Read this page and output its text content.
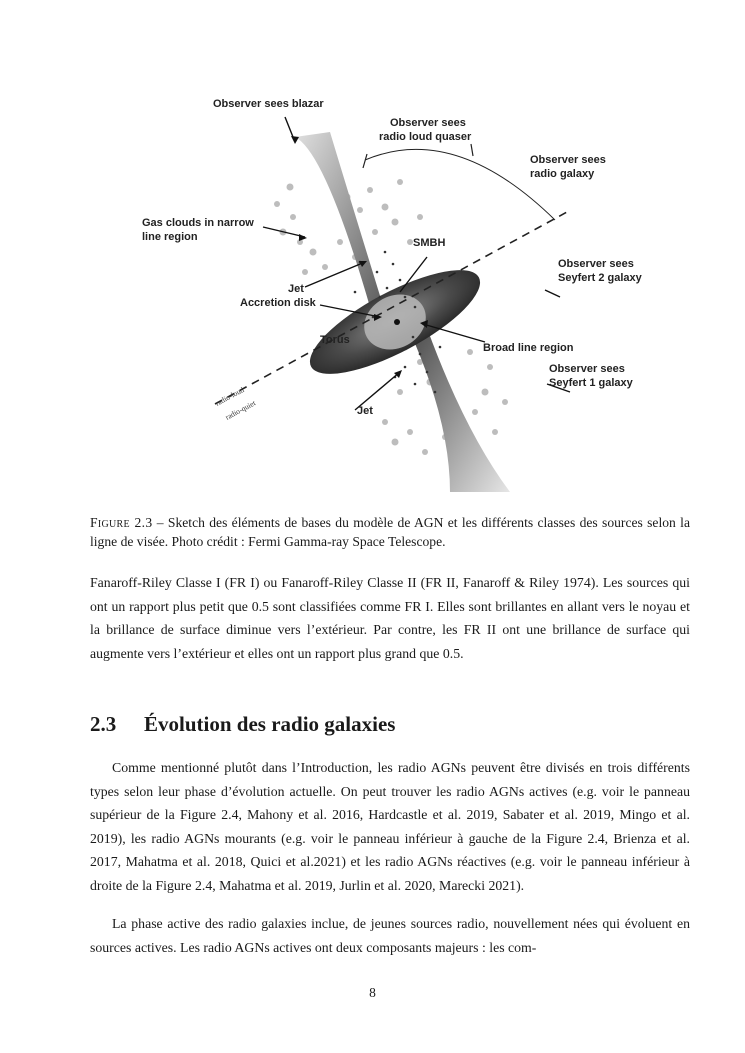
Observer sees blazar
Observer sees
radio loud quaser
Observer sees
radio galaxy
Gas clouds in narrow
line region	SMBH
Observer sees
Seyfert 2 galaxy
Jet
Accretion disk
Torus
Broad line region
Observer sees
Seyfert 1 galaxy
radio-loud
radio-quiet	Jet
Figure 2.3 – Sketch des éléments de bases du modèle de AGN et les différents classes des sources selon la ligne de visée. Photo crédit : Fermi Gamma-ray Space Telescope.
Fanaroff-Riley Classe I (FR I) ou Fanaroff-Riley Classe II (FR II, Fanaroff & Riley 1974). Les sources qui ont un rapport plus petit que 0.5 sont classifiées comme FR I. Elles sont brillantes en allant vers le noyau et la brillance de surface diminue vers l’extérieur. Par contre, les FR II ont une brillance de surface qui augmente vers l’extérieur et elles ont un rapport plus grand que 0.5.
2.3 Évolution des radio galaxies
Comme mentionné plutôt dans l’Introduction, les radio AGNs peuvent être divisés en trois différents types selon leur phase d’évolution actuelle. On peut trouver les radio AGNs actives (e.g. voir le panneau supérieur de la Figure 2.4, Mahony et al. 2016, Hardcastle et al. 2019, Sabater et al. 2019, Mingo et al. 2019), les radio AGNs mourants (e.g. voir le panneau inférieur à gauche de la Figure 2.4, Brienza et al. 2017, Mahatma et al. 2018, Quici et al.2021) et les radio AGNs réactives (e.g. voir le panneau inférieur à droite de la Figure 2.4, Mahatma et al. 2019, Jurlin et al. 2020, Marecki 2021).
La phase active des radio galaxies inclue, de jeunes sources radio, nouvellement nées qui évoluent en sources actives. Les radio AGNs actives ont deux composants majeurs : les com-
8
